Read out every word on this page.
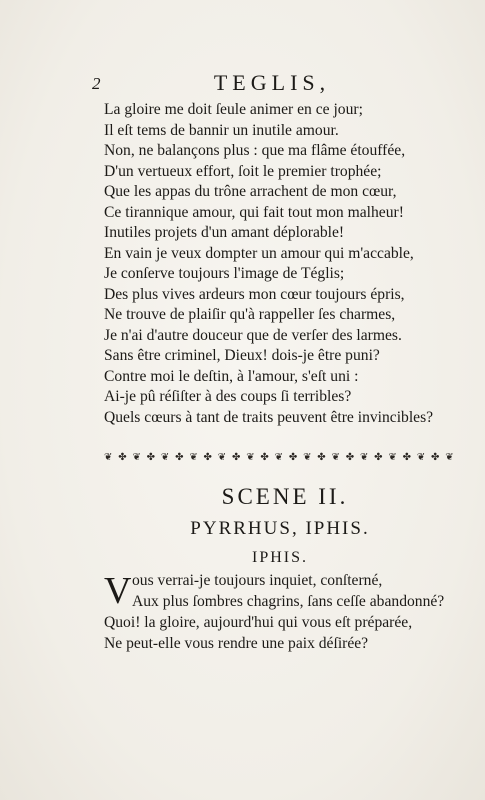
2	TEGLIS,

La gloire me doit ſeule animer en ce jour;

Il eſt tems de bannir un inutile amour.

Non, ne balançons plus : que ma flâme étouffée,

D'un vertueux effort, ſoit le premier trophée;

Que les appas du trône arrachent de mon cœur,

Ce tirannique amour, qui fait tout mon malheur!

Inutiles projets d'un amant déplorable!

En vain je veux dompter un amour qui m'accable,

Je conſerve toujours l'image de Téglis;

Des plus vives ardeurs mon cœur toujours épris,

Ne trouve de plaiſir qu'à rappeller ſes charmes,

Je n'ai d'autre douceur que de verſer des larmes.

Sans être criminel, Dieux! dois-je être puni?

Contre moi le deſtin, à l'amour, s'eſt uni :

Ai-je pû réſiſter à des coups ſi terribles?

Quels cœurs à tant de traits peuvent être invincibles?

❦ ✤ ❦ ✤ ❦ ✤ ❦ ✤ ❦ ✤ ❦ ✤ ❦ ✤ ❦ ✤ ❦ ✤ ❦ ✤ ❦ ✤ ❦ ✤ ❦
SCENE II.
PYRRHUS, IPHIS.
IPHIS.
V ous verrai-je toujours inquiet, conſterné,

Aux plus ſombres chagrins, ſans ceſſe abandonné?

Quoi! la gloire, aujourd'hui qui vous eſt préparée,

Ne peut-elle vous rendre une paix déſirée?
